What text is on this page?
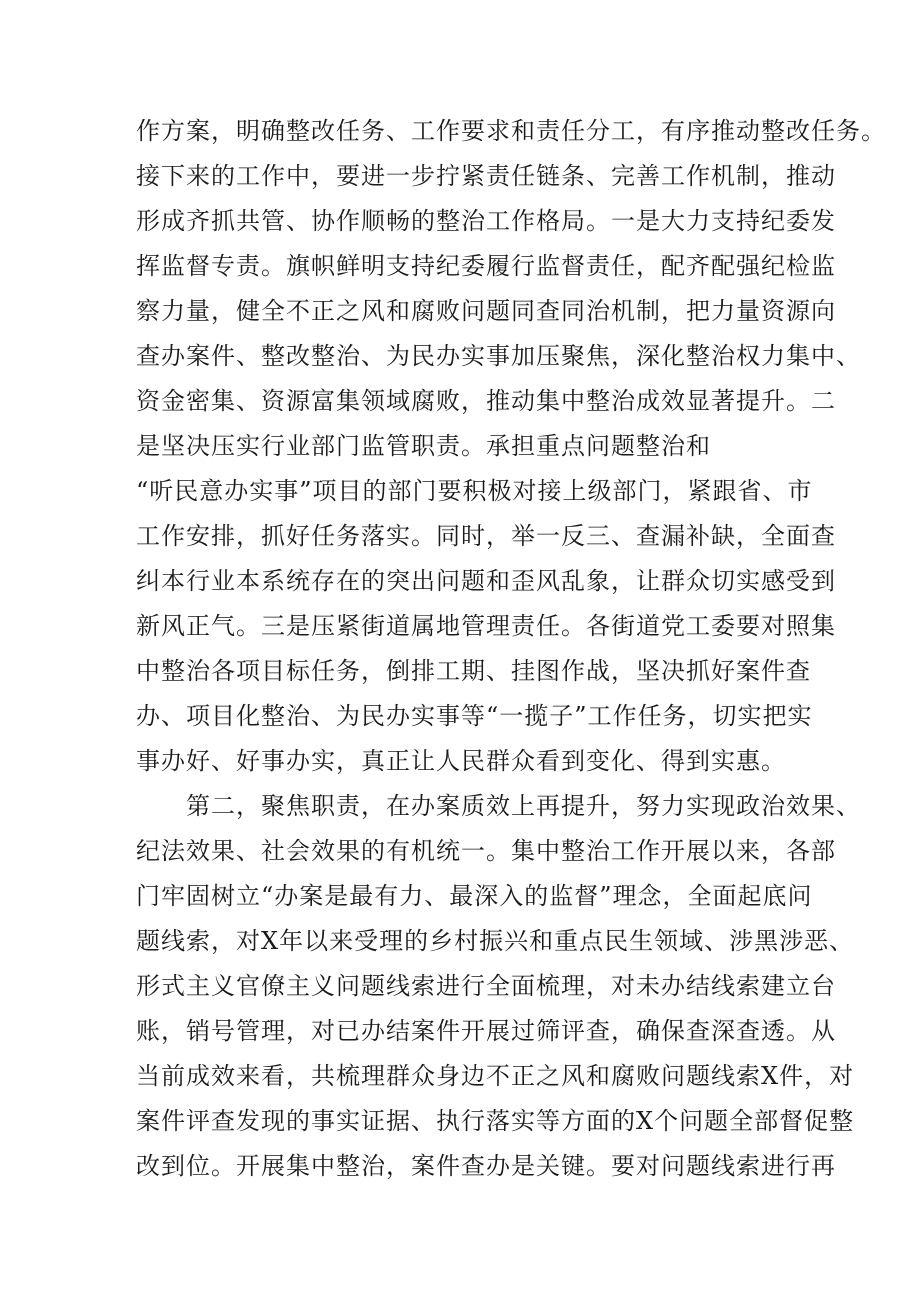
作方案，明确整改任务、工作要求和责任分工，有序推动整改任务。
接下来的工作中，要进一步拧紧责任链条、完善工作机制，推动
形成齐抓共管、协作顺畅的整治工作格局。一是大力支持纪委发
挥监督专责。旗帜鲜明支持纪委履行监督责任，配齐配强纪检监
察力量，健全不正之风和腐败问题同查同治机制，把力量资源向
查办案件、整改整治、为民办实事加压聚焦，深化整治权力集中、
资金密集、资源富集领域腐败，推动集中整治成效显著提升。二
是坚决压实行业部门监管职责。承担重点问题整治和
“听民意办实事”项目的部门要积极对接上级部门，紧跟省、市
工作安排，抓好任务落实。同时，举一反三、查漏补缺，全面查
纠本行业本系统存在的突出问题和歪风乱象，让群众切实感受到
新风正气。三是压紧街道属地管理责任。各街道党工委要对照集
中整治各项目标任务，倒排工期、挂图作战，坚决抓好案件查
办、项目化整治、为民办实事等“一揽子”工作任务，切实把实
事办好、好事办实，真正让人民群众看到变化、得到实惠。
　　第二，聚焦职责，在办案质效上再提升，努力实现政治效果、
纪法效果、社会效果的有机统一。集中整治工作开展以来，各部
门牢固树立“办案是最有力、最深入的监督”理念，全面起底问
题线索，对X年以来受理的乡村振兴和重点民生领域、涉黑涉恶、
形式主义官僚主义问题线索进行全面梳理，对未办结线索建立台
账，销号管理，对已办结案件开展过筛评查，确保查深查透。从
当前成效来看，共梳理群众身边不正之风和腐败问题线索X件，对
案件评查发现的事实证据、执行落实等方面的X个问题全部督促整
改到位。开展集中整治，案件查办是关键。要对问题线索进行再
